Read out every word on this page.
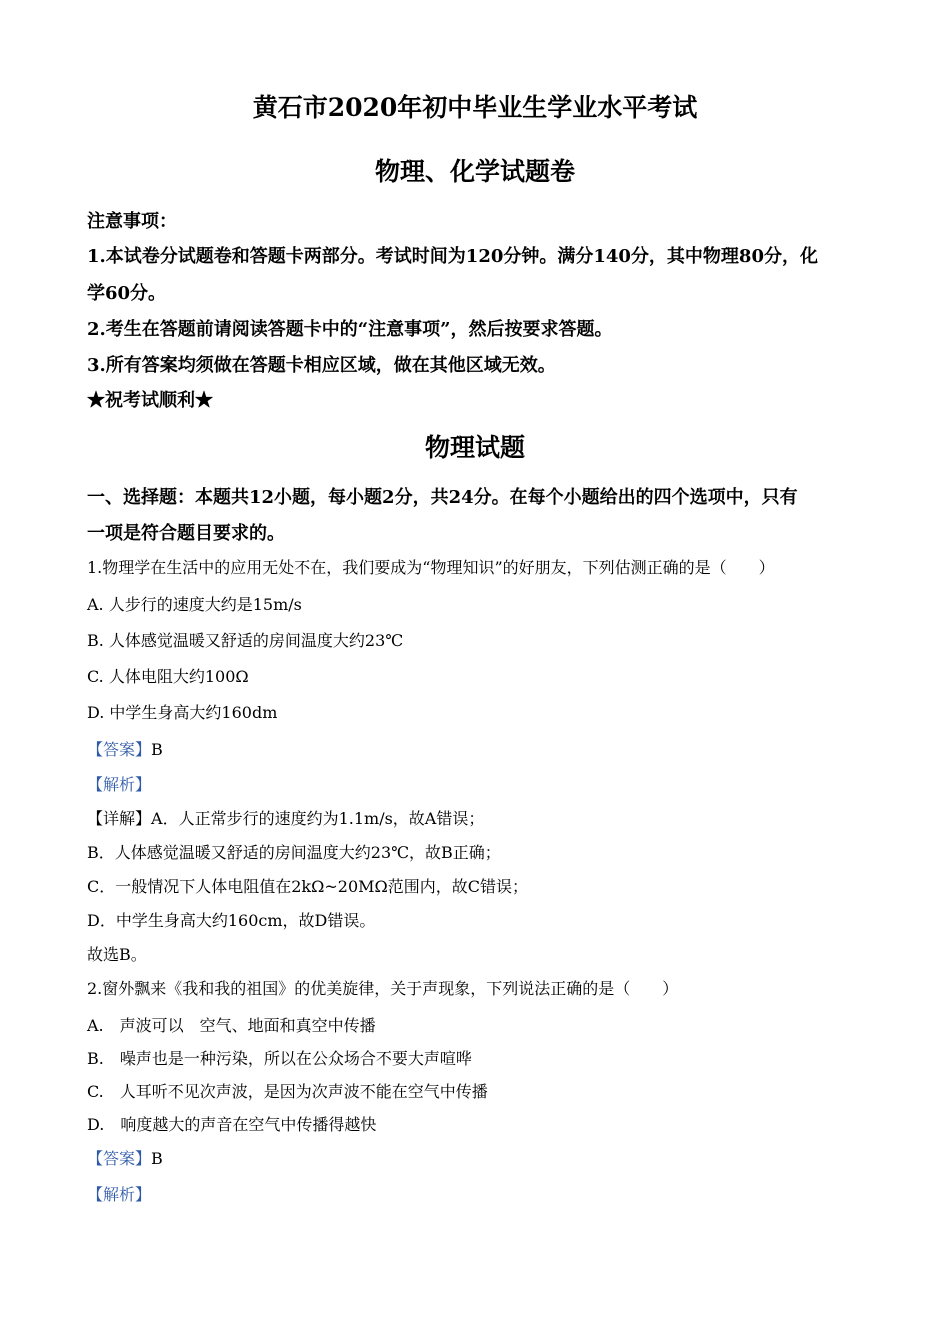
黄石市2020年初中毕业生学业水平考试
物理、化学试题卷
注意事项：
1.本试卷分试题卷和答题卡两部分。考试时间为120分钟。满分140分，其中物理80分，化
学60分。
2.考生在答题前请阅读答题卡中的“注意事项”，然后按要求答题。
3.所有答案均须做在答题卡相应区域，做在其他区域无效。
★祝考试顺利★
物理试题
一、选择题：本题共12小题，每小题2分，共24分。在每个小题给出的四个选项中，只有
一项是符合题目要求的。
1.物理学在生活中的应用无处不在，我们要成为“物理知识”的好朋友，下列估测正确的是（　　）
A. 人步行的速度大约是15m/s
B. 人体感觉温暖又舒适的房间温度大约23℃
C. 人体电阻大约100Ω
D. 中学生身高大约160dm
【答案】B
【解析】
【详解】A．人正常步行的速度约为1.1m/s，故A错误；
B．人体感觉温暖又舒适的房间温度大约23℃，故B正确；
C．一般情况下人体电阻值在2kΩ~20MΩ范围内，故C错误；
D．中学生身高大约160cm，故D错误。
故选B。
2.窗外飘来《我和我的祖国》的优美旋律，关于声现象，下列说法正确的是（　　）
A.　声波可以　空气、地面和真空中传播
B.　噪声也是一种污染，所以在公众场合不要大声喧哗
C.　人耳听不见次声波，是因为次声波不能在空气中传播
D.　响度越大的声音在空气中传播得越快
【答案】B
【解析】
